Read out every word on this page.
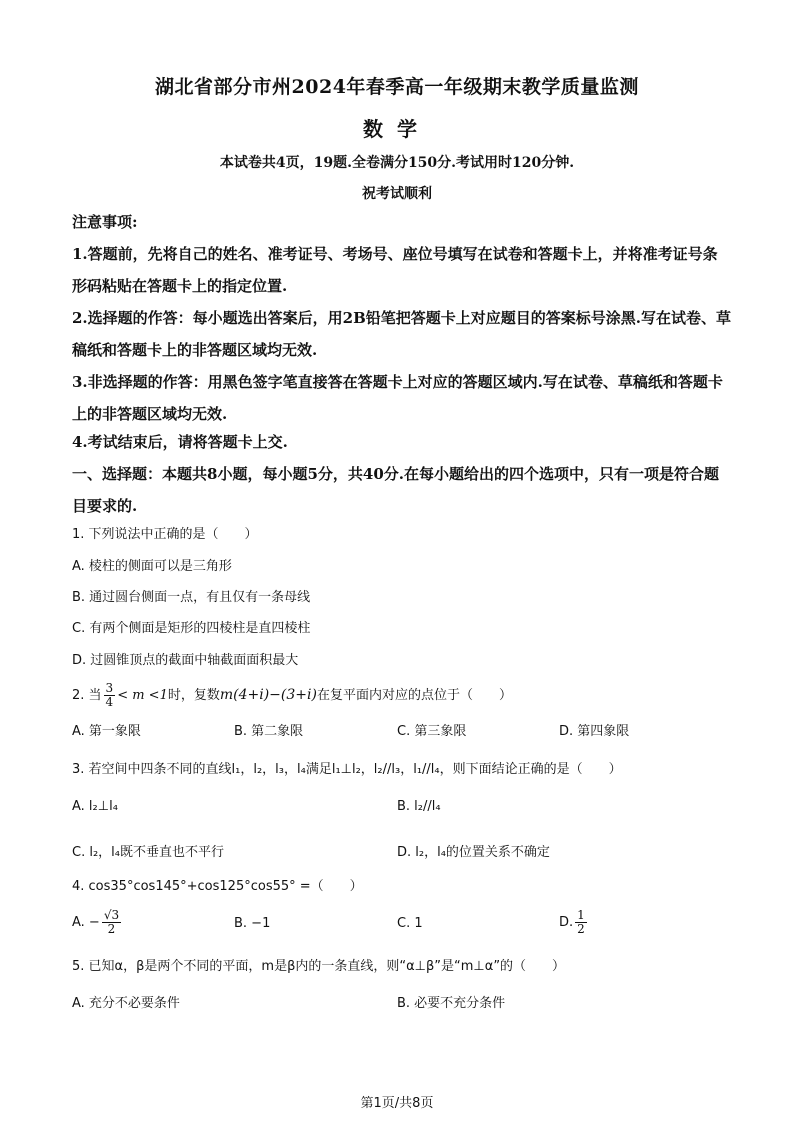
湖北省部分市州2024年春季高一年级期末教学质量监测
数学
本试卷共4页，19题.全卷满分150分.考试用时120分钟.
祝考试顺利
注意事项:
1.答题前，先将自己的姓名、准考证号、考场号、座位号填写在试卷和答题卡上，并将准考证号条形码粘贴在答题卡上的指定位置.
2.选择题的作答：每小题选出答案后，用2B铅笔把答题卡上对应题目的答案标号涂黑.写在试卷、草稿纸和答题卡上的非答题区域均无效.
3.非选择题的作答：用黑色签字笔直接答在答题卡上对应的答题区域内.写在试卷、草稿纸和答题卡上的非答题区域均无效.
4.考试结束后，请将答题卡上交.
一、选择题：本题共8小题，每小题5分，共40分.在每小题给出的四个选项中，只有一项是符合题目要求的.
1. 下列说法中正确的是（　　）
A. 棱柱的侧面可以是三角形
B. 通过圆台侧面一点，有且仅有一条母线
C. 有两个侧面是矩形的四棱柱是直四棱柱
D. 过圆锥顶点的截面中轴截面面积最大
2. 当 $\frac{3}{4} < m <1$时，复数m(4+i)−(3+i)在复平面内对应的点位于（　　）
A. 第一象限	B. 第二象限	C. 第三象限	D. 第四象限
3. 若空间中四条不同的直线l₁，l₂，l₃，l₄满足l₁⊥l₂，l₂//l₃，l₁//l₄，则下面结论正确的是（　　）
A. l₂⊥l₄	B. l₂//l₄
C. l₂，l₄既不垂直也不平行	D. l₂，l₄的位置关系不确定
4. cos35°cos145°+cos125°cos55° =（　　）
A. − $\frac{√3}{2}$	B. −1	C. 1	D. $\frac{1}{2}$
5. 已知α，β是两个不同的平面，m是β内的一条直线，则“α⊥β”是“m⊥α”的（　　）
A. 充分不必要条件	B. 必要不充分条件
第1页/共8页
